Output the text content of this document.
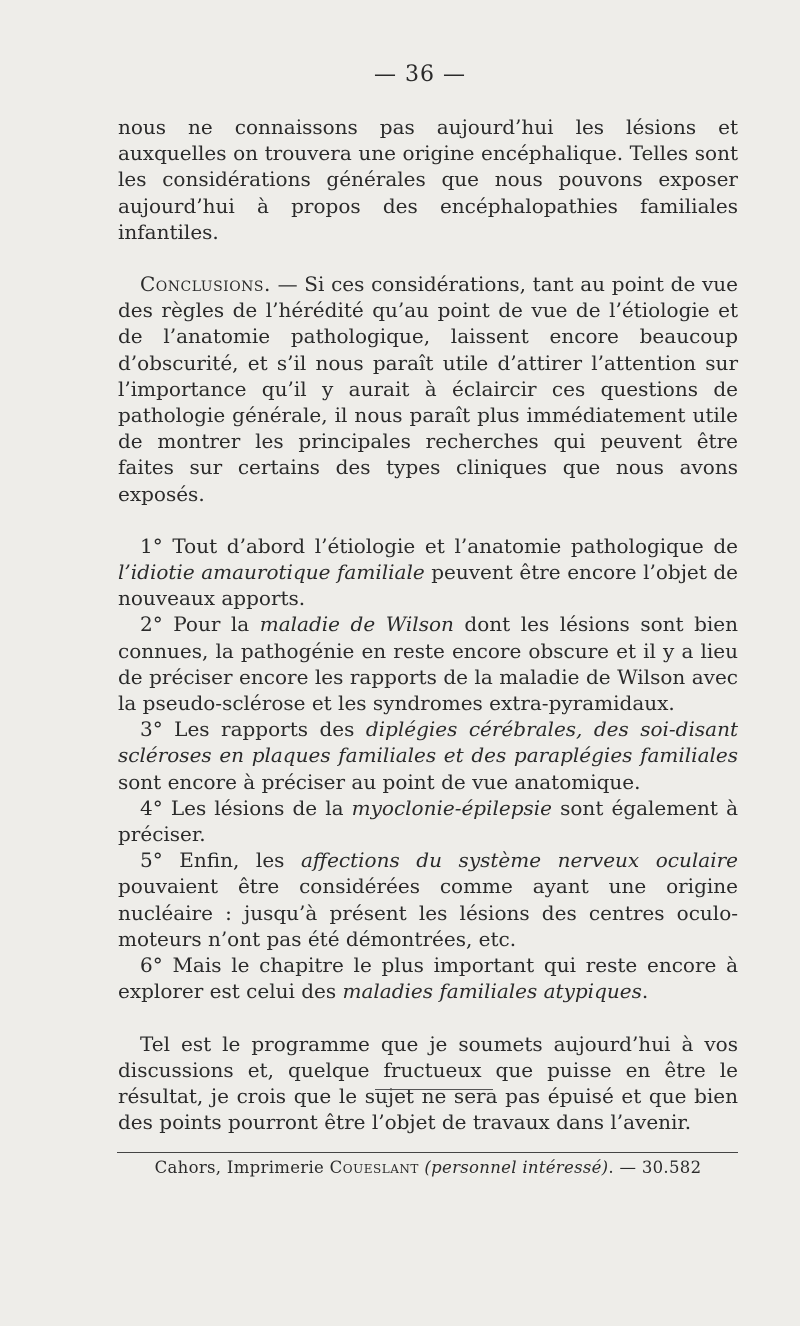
— 36 —

nous ne connaissons pas aujourd’hui les lésions et auxquelles on trouvera une origine encéphalique. Telles sont les considérations générales que nous pouvons exposer aujourd’hui à propos des encéphalopathies familiales infantiles.

Conclusions. — Si ces considérations, tant au point de vue des règles de l’hérédité qu’au point de vue de l’étiologie et de l’anatomie pathologique, laissent encore beaucoup d’obscurité, et s’il nous paraît utile d’attirer l’attention sur l’importance qu’il y aurait à éclaircir ces questions de pathologie générale, il nous paraît plus immédiatement utile de montrer les principales recherches qui peuvent être faites sur certains des types cliniques que nous avons exposés.

1° Tout d’abord l’étiologie et l’anatomie pathologique de l’idiotie amaurotique familiale peuvent être encore l’objet de nouveaux apports.

2° Pour la maladie de Wilson dont les lésions sont bien connues, la pathogénie en reste encore obscure et il y a lieu de préciser encore les rapports de la maladie de Wilson avec la pseudo-sclérose et les syndromes extra-pyramidaux.

3° Les rapports des diplégies cérébrales, des soi-disant scléroses en plaques familiales et des paraplégies familiales sont encore à préciser au point de vue anatomique.

4° Les lésions de la myoclonie-épilepsie sont également à préciser.

5° Enfin, les affections du système nerveux oculaire pouvaient être considérées comme ayant une origine nucléaire : jusqu’à présent les lésions des centres oculo-moteurs n’ont pas été démontrées, etc.

6° Mais le chapitre le plus important qui reste encore à explorer est celui des maladies familiales atypiques.

Tel est le programme que je soumets aujourd’hui à vos discussions et, quelque fructueux que puisse en être le résultat, je crois que le sujet ne sera pas épuisé et que bien des points pourront être l’objet de travaux dans l’avenir.

Cahors, Imprimerie Coueslant (personnel intéressé). — 30.582
